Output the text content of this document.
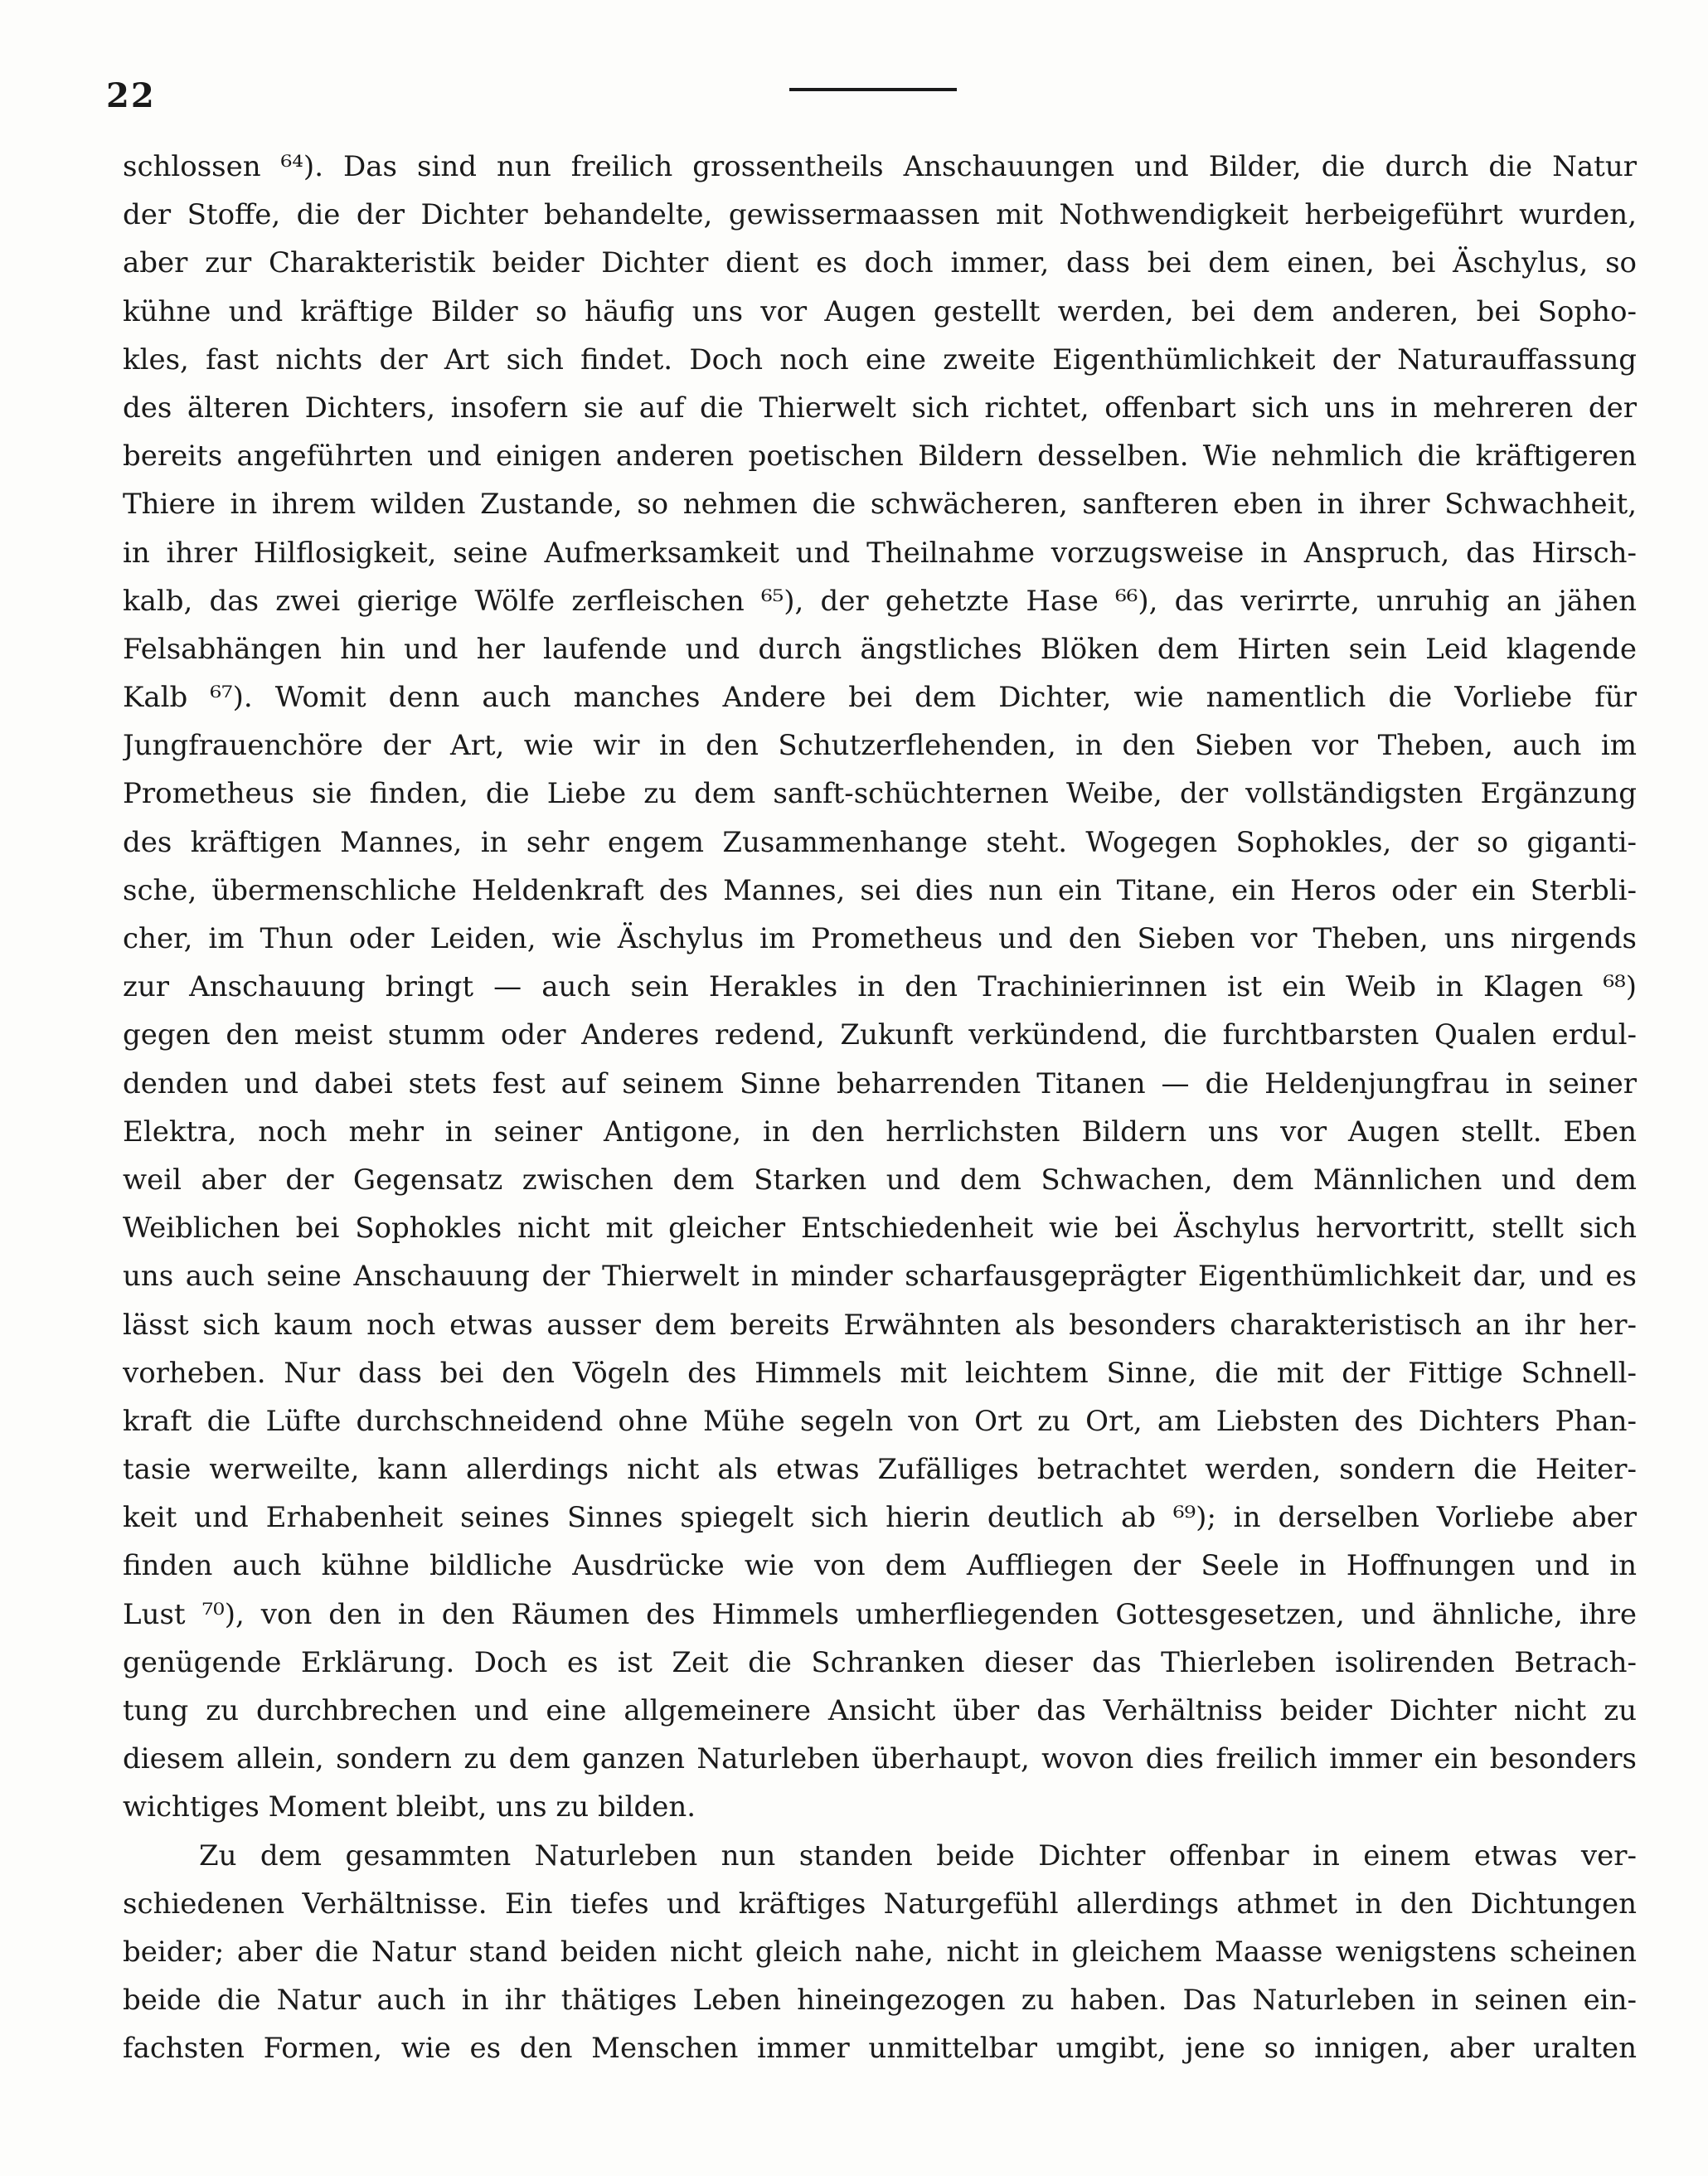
22
schlossen ⁶⁴). Das sind nun freilich grossentheils Anschauungen und Bilder, die durch die Natur
der Stoffe, die der Dichter behandelte, gewissermaassen mit Nothwendigkeit herbeigeführt wurden,
aber zur Charakteristik beider Dichter dient es doch immer, dass bei dem einen, bei Äschylus, so
kühne und kräftige Bilder so häufig uns vor Augen gestellt werden, bei dem anderen, bei Sopho-
kles, fast nichts der Art sich findet. Doch noch eine zweite Eigenthümlichkeit der Naturauffassung
des älteren Dichters, insofern sie auf die Thierwelt sich richtet, offenbart sich uns in mehreren der
bereits angeführten und einigen anderen poetischen Bildern desselben. Wie nehmlich die kräftigeren
Thiere in ihrem wilden Zustande, so nehmen die schwächeren, sanfteren eben in ihrer Schwachheit,
in ihrer Hilflosigkeit, seine Aufmerksamkeit und Theilnahme vorzugsweise in Anspruch, das Hirsch-
kalb, das zwei gierige Wölfe zerfleischen ⁶⁵), der gehetzte Hase ⁶⁶), das verirrte, unruhig an jähen
Felsabhängen hin und her laufende und durch ängstliches Blöken dem Hirten sein Leid klagende
Kalb ⁶⁷). Womit denn auch manches Andere bei dem Dichter, wie namentlich die Vorliebe für
Jungfrauenchöre der Art, wie wir in den Schutzerflehenden, in den Sieben vor Theben, auch im
Prometheus sie finden, die Liebe zu dem sanft-schüchternen Weibe, der vollständigsten Ergänzung
des kräftigen Mannes, in sehr engem Zusammenhange steht. Wogegen Sophokles, der so giganti-
sche, übermenschliche Heldenkraft des Mannes, sei dies nun ein Titane, ein Heros oder ein Sterbli-
cher, im Thun oder Leiden, wie Äschylus im Prometheus und den Sieben vor Theben, uns nirgends
zur Anschauung bringt — auch sein Herakles in den Trachinierinnen ist ein Weib in Klagen ⁶⁸)
gegen den meist stumm oder Anderes redend, Zukunft verkündend, die furchtbarsten Qualen erdul-
denden und dabei stets fest auf seinem Sinne beharrenden Titanen — die Heldenjungfrau in seiner
Elektra, noch mehr in seiner Antigone, in den herrlichsten Bildern uns vor Augen stellt. Eben
weil aber der Gegensatz zwischen dem Starken und dem Schwachen, dem Männlichen und dem
Weiblichen bei Sophokles nicht mit gleicher Entschiedenheit wie bei Äschylus hervortritt, stellt sich
uns auch seine Anschauung der Thierwelt in minder scharfausgeprägter Eigenthümlichkeit dar, und es
lässt sich kaum noch etwas ausser dem bereits Erwähnten als besonders charakteristisch an ihr her-
vorheben. Nur dass bei den Vögeln des Himmels mit leichtem Sinne, die mit der Fittige Schnell-
kraft die Lüfte durchschneidend ohne Mühe segeln von Ort zu Ort, am Liebsten des Dichters Phan-
tasie werweilte, kann allerdings nicht als etwas Zufälliges betrachtet werden, sondern die Heiter-
keit und Erhabenheit seines Sinnes spiegelt sich hierin deutlich ab ⁶⁹); in derselben Vorliebe aber
finden auch kühne bildliche Ausdrücke wie von dem Auffliegen der Seele in Hoffnungen und in
Lust ⁷⁰), von den in den Räumen des Himmels umherfliegenden Gottesgesetzen, und ähnliche, ihre
genügende Erklärung. Doch es ist Zeit die Schranken dieser das Thierleben isolirenden Betrach-
tung zu durchbrechen und eine allgemeinere Ansicht über das Verhältniss beider Dichter nicht zu
diesem allein, sondern zu dem ganzen Naturleben überhaupt, wovon dies freilich immer ein besonders
wichtiges Moment bleibt, uns zu bilden.
Zu dem gesammten Naturleben nun standen beide Dichter offenbar in einem etwas ver-
schiedenen Verhältnisse. Ein tiefes und kräftiges Naturgefühl allerdings athmet in den Dichtungen
beider; aber die Natur stand beiden nicht gleich nahe, nicht in gleichem Maasse wenigstens scheinen
beide die Natur auch in ihr thätiges Leben hineingezogen zu haben. Das Naturleben in seinen ein-
fachsten Formen, wie es den Menschen immer unmittelbar umgibt, jene so innigen, aber uralten
